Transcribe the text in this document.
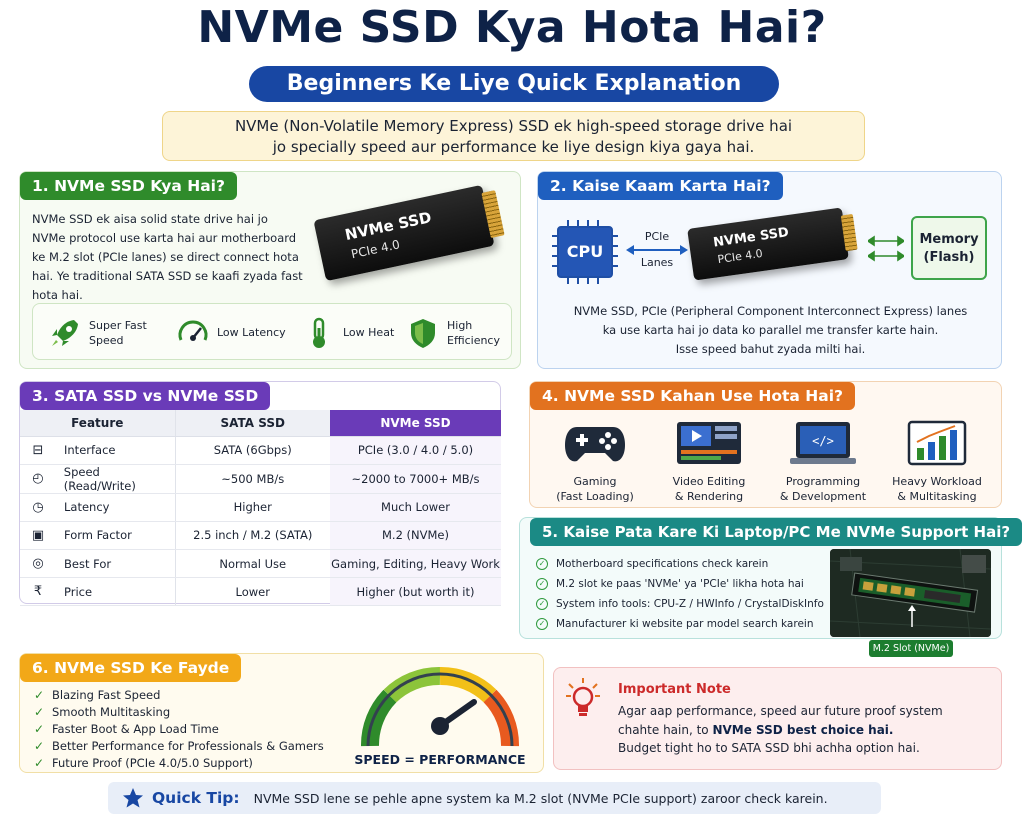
NVMe SSD Kya Hota Hai?
Beginners Ke Liye Quick Explanation
NVMe (Non-Volatile Memory Express) SSD ek high-speed storage drive hai
jo specially speed aur performance ke liye design kiya gaya hai.
1. NVMe SSD Kya Hai?
NVMe SSD ek aisa solid state drive hai jo NVMe protocol use karta hai aur motherboard ke M.2 slot (PCIe lanes) se direct connect hota hai. Ye traditional SATA SSD se kaafi zyada fast hota hai.
NVMe SSD
PCIe 4.0
Super Fast
Speed
Low Latency	Low Heat
High
Efficiency
2. Kaise Kaam Karta Hai?
CPU
PCIe
Lanes
NVMe SSD
PCIe 4.0
Memory
(Flash)
NVMe SSD, PCIe (Peripheral Component Interconnect Express) lanes
ka use karta hai jo data ko parallel me transfer karte hain.
Isse speed bahut zyada milti hai.
3. SATA SSD vs NVMe SSD
Feature	SATA SSD	NVMe SSD

⊟ Interface	SATA (6Gbps)	PCIe (3.0 / 4.0 / 5.0)

◴ Speed (Read/Write)	~500 MB/s	~2000 to 7000+ MB/s

◷ Latency	Higher	Much Lower

▣ Form Factor	2.5 inch / M.2 (SATA)	M.2 (NVMe)

◎ Best For	Normal Use	Gaming, Editing, Heavy Work

₹ Price	Lower	Higher (but worth it)
4. NVMe SSD Kahan Use Hota Hai?
Gaming
(Fast Loading)
Video Editing
& Rendering
</>
Programming
& Development
Heavy Workload
& Multitasking
5. Kaise Pata Kare Ki Laptop/PC Me NVMe Support Hai?
✓ Motherboard specifications check karein
✓ M.2 slot ke paas 'NVMe' ya 'PCIe' likha hota hai
✓ System info tools: CPU-Z / HWInfo / CrystalDiskInfo
✓ Manufacturer ki website par model search karein
M.2 Slot (NVMe)
6. NVMe SSD Ke Fayde
✓ Blazing Fast Speed
✓ Smooth Multitasking
✓ Faster Boot & App Load Time
✓ Better Performance for Professionals & Gamers
✓ Future Proof (PCIe 4.0/5.0 Support)	SPEED = PERFORMANCE
Important Note
Agar aap performance, speed aur future proof system
chahte hain, to NVMe SSD best choice hai.
Budget tight ho to SATA SSD bhi achha option hai.
Quick Tip: NVMe SSD lene se pehle apne system ka M.2 slot (NVMe PCIe support) zaroor check karein.
